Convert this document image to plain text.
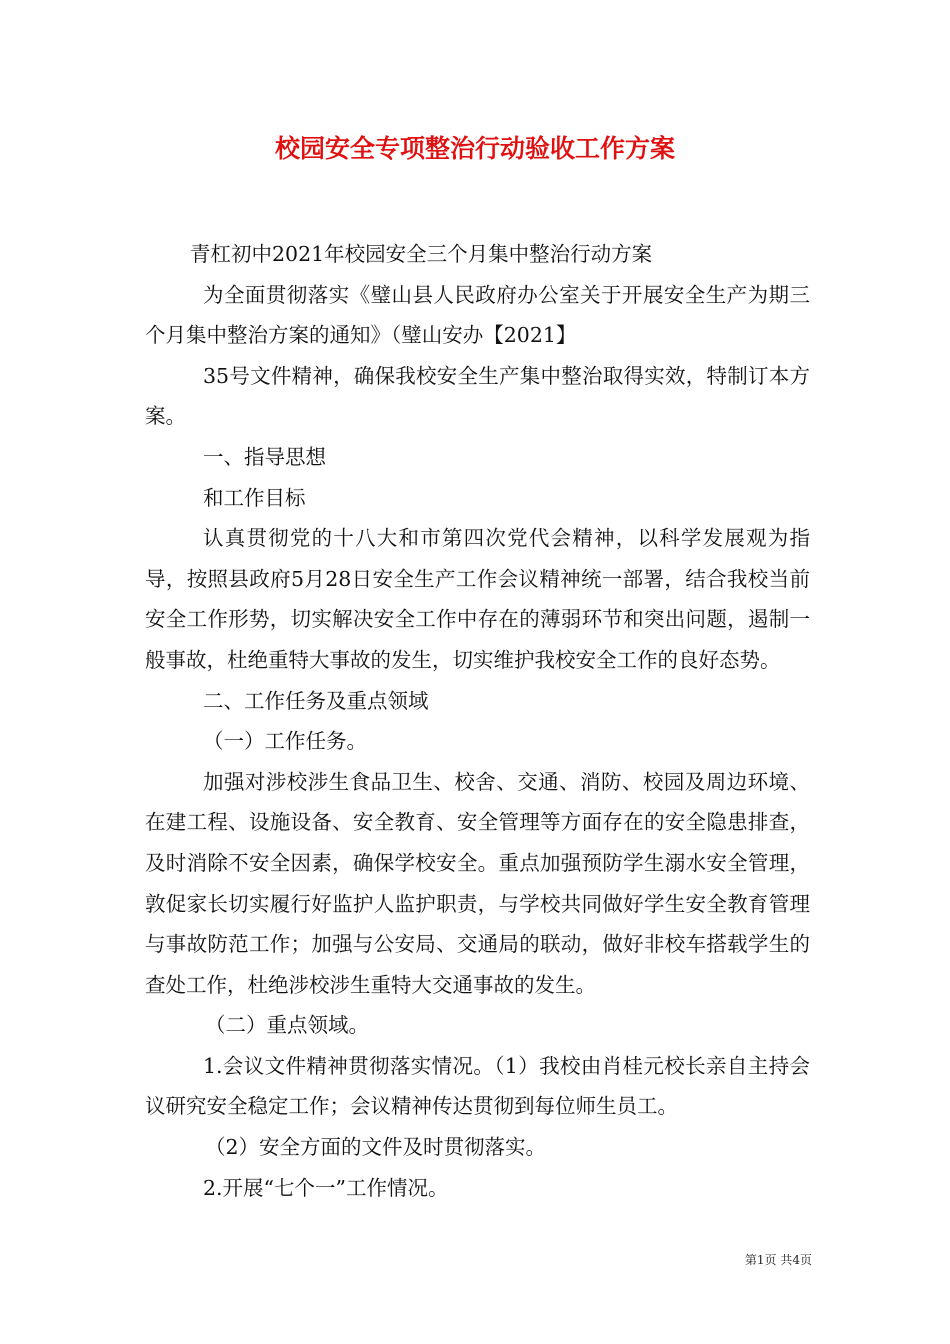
校园安全专项整治行动验收工作方案

青杠初中2021年校园安全三个月集中整治行动方案

为全面贯彻落实《璧山县人民政府办公室关于开展安全生产为期三个月集中整治方案的通知》（璧山安办【2021】

35号文件精神，确保我校安全生产集中整治取得实效，特制订本方案。

一、指导思想

和工作目标

认真贯彻党的十八大和市第四次党代会精神，以科学发展观为指导，按照县政府5月28日安全生产工作会议精神统一部署，结合我校当前安全工作形势，切实解决安全工作中存在的薄弱环节和突出问题，遏制一般事故，杜绝重特大事故的发生，切实维护我校安全工作的良好态势。

二、工作任务及重点领域

（一）工作任务。

加强对涉校涉生食品卫生、校舍、交通、消防、校园及周边环境、在建工程、设施设备、安全教育、安全管理等方面存在的安全隐患排查，及时消除不安全因素，确保学校安全。重点加强预防学生溺水安全管理，敦促家长切实履行好监护人监护职责，与学校共同做好学生安全教育管理与事故防范工作；加强与公安局、交通局的联动，做好非校车搭载学生的查处工作，杜绝涉校涉生重特大交通事故的发生。

（二）重点领域。

1.会议文件精神贯彻落实情况。（1）我校由肖桂元校长亲自主持会议研究安全稳定工作；会议精神传达贯彻到每位师生员工。

（2）安全方面的文件及时贯彻落实。

2.开展“七个一”工作情况。

第1页 共4页
